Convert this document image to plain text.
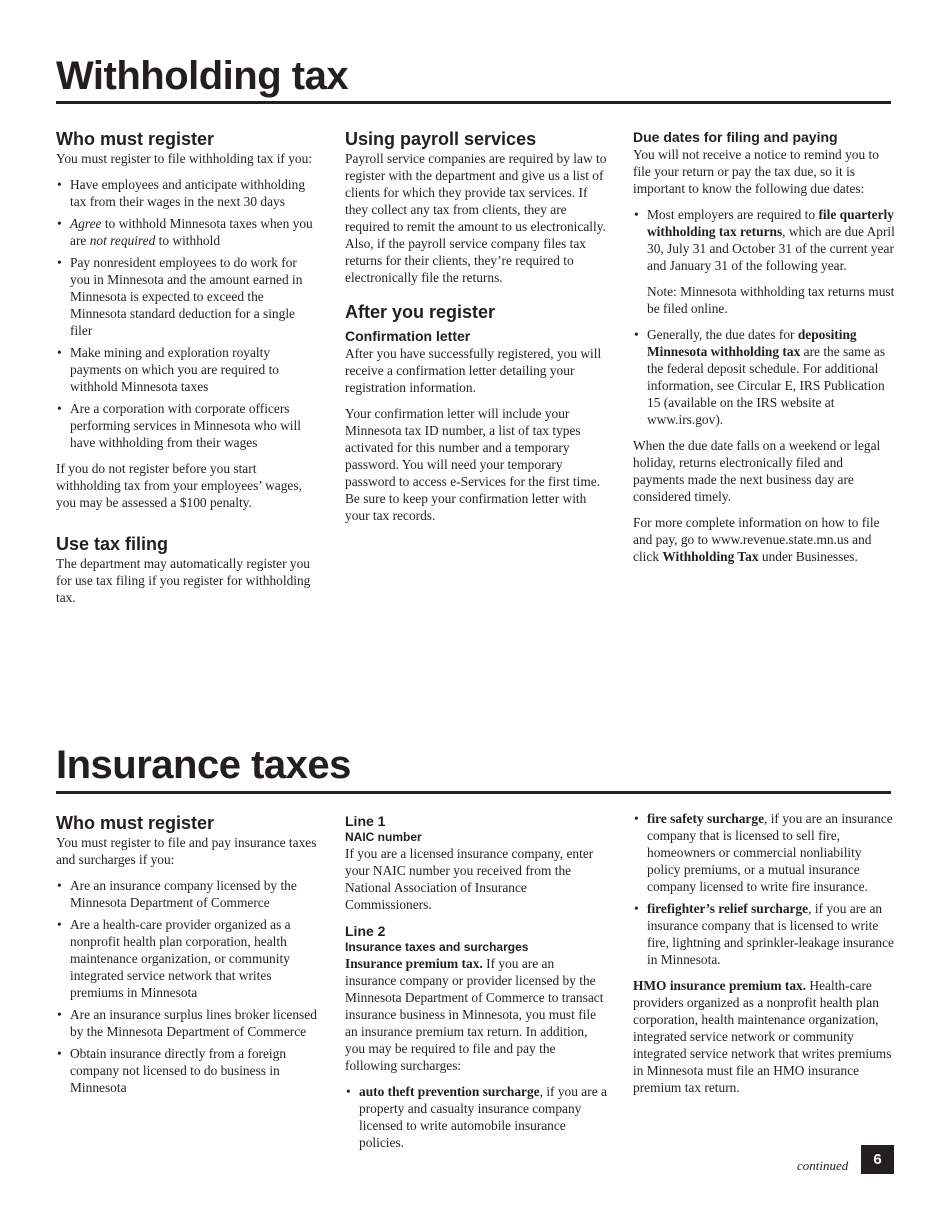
Withholding tax
Who must register

You must register to file withholding tax if you:

• Have employees and anticipate withholding tax from their wages in the next 30 days
• Agree to withhold Minnesota taxes when you are not required to withhold
• Pay nonresident employees to do work for you in Minnesota and the amount earned in Minnesota is expected to exceed the Minnesota standard deduction for a single filer
• Make mining and exploration royalty payments on which you are required to withhold Minnesota taxes
• Are a corporation with corporate officers performing services in Minnesota who will have withholding from their wages

If you do not register before you start withholding tax from your employees’ wages, you may be assessed a $100 penalty.

Use tax filing

The department may automatically register you for use tax filing if you register for withholding tax.

Using payroll services

Payroll service companies are required by law to register with the department and give us a list of clients for which they provide tax services. If they collect any tax from clients, they are required to remit the amount to us electronically. Also, if the payroll service company files tax returns for their clients, they’re required to electronically file the returns.

After you register
Confirmation letter

After you have successfully registered, you will receive a confirmation letter detailing your registration information.

Your confirmation letter will include your Minnesota tax ID number, a list of tax types activated for this number and a temporary password. You will need your temporary password to access e-Services for the first time. Be sure to keep your confirmation letter with your tax records.

Due dates for filing and paying

You will not receive a notice to remind you to file your return or pay the tax due, so it is important to know the following due dates:

• Most employers are required to file quarterly withholding tax returns, which are due April 30, July 31 and October 31 of the current year and January 31 of the following year.

Note: Minnesota withholding tax returns must be filed online.

• Generally, the due dates for depositing Minnesota withholding tax are the same as the federal deposit schedule. For additional information, see Circular E, IRS Publication 15 (available on the IRS website at www.irs.gov).

When the due date falls on a weekend or legal holiday, returns electronically filed and payments made the next business day are considered timely.

For more complete information on how to file and pay, go to www.revenue.state.mn.us and click Withholding Tax under Businesses.

Insurance taxes
Who must register

You must register to file and pay insurance taxes and surcharges if you:

• Are an insurance company licensed by the Minnesota Department of Commerce
• Are a health-care provider organized as a nonprofit health plan corporation, health maintenance organization, or community integrated service network that writes premiums in Minnesota
• Are an insurance surplus lines broker licensed by the Minnesota Department of Commerce
• Obtain insurance directly from a foreign company not licensed to do business in Minnesota
Line 1
NAIC number

If you are a licensed insurance company, enter your NAIC number you received from the National Association of Insurance Commissioners.

Line 2
Insurance taxes and surcharges

Insurance premium tax. If you are an insurance company or provider licensed by the Minnesota Department of Commerce to transact insurance business in Minnesota, you must file an insurance premium tax return. In addition, you may be required to file and pay the following surcharges:

• auto theft prevention surcharge, if you are a property and casualty insurance company licensed to write automobile insurance policies.
• fire safety surcharge, if you are an insurance company that is licensed to sell fire, homeowners or commercial nonliability policy premiums, or a mutual insurance company licensed to write fire insurance.
• firefighter’s relief surcharge, if you are an insurance company that is licensed to write fire, lightning and sprinkler-leakage insurance in Minnesota.

HMO insurance premium tax. Health-care providers organized as a nonprofit health plan corporation, health maintenance organization, integrated service network or community integrated service network that writes premiums in Minnesota must file an HMO insurance premium tax return.

continued	6
